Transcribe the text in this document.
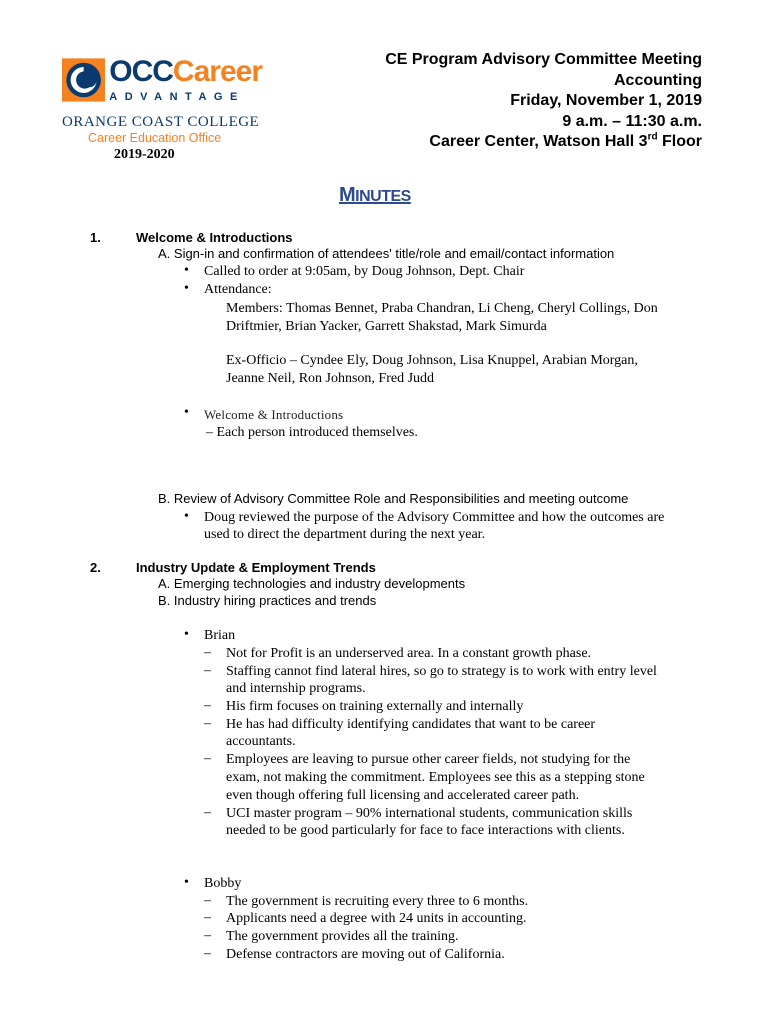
OCCCareer
ADVANTAGE
ORANGE COAST COLLEGE
Career Education Office
2019-2020
CE Program Advisory Committee Meeting
Accounting
Friday, November 1, 2019
9 a.m. – 11:30 a.m.
Career Center, Watson Hall 3rd Floor
MINUTES
1.	Welcome & Introductions
A. Sign-in and confirmation of attendees' title/role and email/contact information
• Called to order at 9:05am, by Doug Johnson, Dept. Chair
• Attendance:
Members: Thomas Bennet, Praba Chandran, Li Cheng, Cheryl Collings, Don
Driftmier, Brian Yacker, Garrett Shakstad, Mark Simurda
Ex-Officio – Cyndee Ely, Doug Johnson, Lisa Knuppel, Arabian Morgan,
Jeanne Neil, Ron Johnson, Fred Judd
• Welcome & Introductions
– Each person introduced themselves.
B. Review of Advisory Committee Role and Responsibilities and meeting outcome
• Doug reviewed the purpose of the Advisory Committee and how the outcomes are
used to direct the department during the next year.
2.	Industry Update & Employment Trends
A. Emerging technologies and industry developments
B. Industry hiring practices and trends
• Brian
– Not for Profit is an underserved area. In a constant growth phase.
– Staffing cannot find lateral hires, so go to strategy is to work with entry level
and internship programs.
– His firm focuses on training externally and internally
– He has had difficulty identifying candidates that want to be career
accountants.
– Employees are leaving to pursue other career fields, not studying for the
exam, not making the commitment. Employees see this as a stepping stone
even though offering full licensing and accelerated career path.
– UCI master program – 90% international students, communication skills
needed to be good particularly for face to face interactions with clients.
• Bobby
– The government is recruiting every three to 6 months.
– Applicants need a degree with 24 units in accounting.
– The government provides all the training.
– Defense contractors are moving out of California.
